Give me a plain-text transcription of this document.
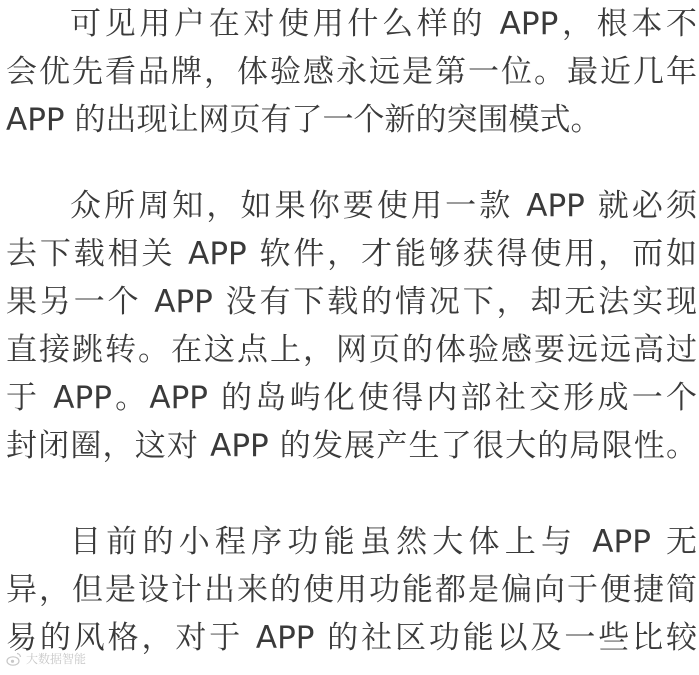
可见用户在对使用什么样的 APP，根本不
会优先看品牌，体验感永远是第一位。最近几年
APP 的出现让网页有了一个新的突围模式。
众所周知，如果你要使用一款 APP 就必须
去下载相关 APP 软件，才能够获得使用，而如
果另一个 APP 没有下载的情况下，却无法实现
直接跳转。在这点上，网页的体验感要远远高过
于 APP。APP 的岛屿化使得内部社交形成一个
封闭圈，这对 APP 的发展产生了很大的局限性。
目前的小程序功能虽然大体上与 APP 无
异，但是设计出来的使用功能都是偏向于便捷简
易的风格，对于 APP 的社区功能以及一些比较
大数据智能
